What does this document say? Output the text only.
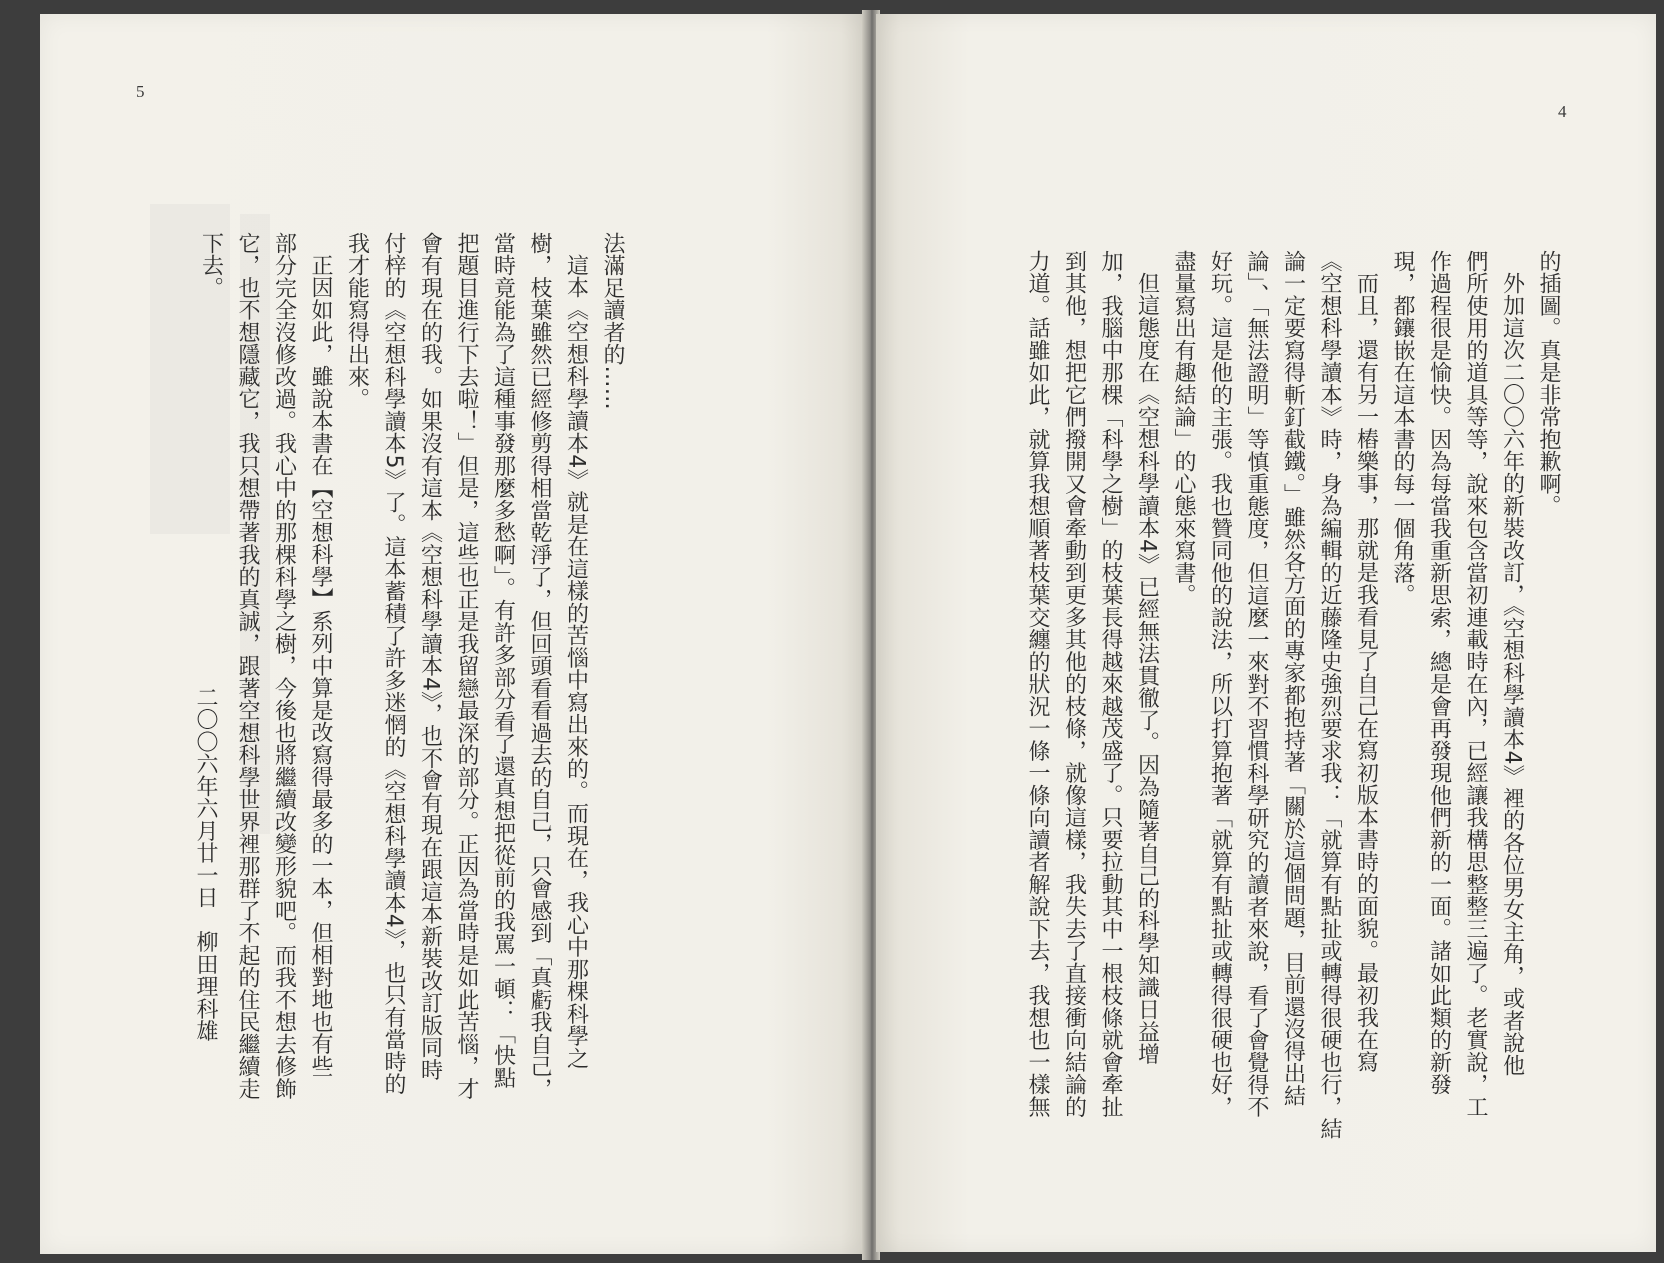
5

法滿足讀者的……

這本《空想科學讀本4》就是在這樣的苦惱中寫出來的。而現在，我心中那棵科學之

樹，枝葉雖然已經修剪得相當乾淨了，但回頭看看過去的自己，只會感到「真虧我自己，

當時竟能為了這種事發那麼多愁啊」。有許多部分看了還真想把從前的我罵一頓：「快點

把題目進行下去啦！」但是，這些也正是我留戀最深的部分。正因為當時是如此苦惱，才

會有現在的我。如果沒有這本《空想科學讀本4》，也不會有現在跟這本新裝改訂版同時

付梓的《空想科學讀本5》了。這本蓄積了許多迷惘的《空想科學讀本4》，也只有當時的

我才能寫得出來。

正因如此，雖說本書在【空想科學】系列中算是改寫得最多的一本，但相對地也有些

部分完全沒修改過。我心中的那棵科學之樹，今後也將繼續改變形貌吧。而我不想去修飾

它，也不想隱藏它，我只想帶著我的真誠，跟著空想科學世界裡那群了不起的住民繼續走

下去。

二〇〇六年六月廿一日　柳田理科雄
4

的插圖。真是非常抱歉啊。

外加這次二〇〇六年的新裝改訂，《空想科學讀本4》裡的各位男女主角，或者說他

們所使用的道具等等，說來包含當初連載時在內，已經讓我構思整整三遍了。老實說，工

作過程很是愉快。因為每當我重新思索，總是會再發現他們新的一面。諸如此類的新發

現，都鑲嵌在這本書的每一個角落。

而且，還有另一樁樂事，那就是我看見了自己在寫初版本書時的面貌。最初我在寫

《空想科學讀本》時，身為編輯的近藤隆史強烈要求我：「就算有點扯或轉得很硬也行，結

論一定要寫得斬釘截鐵。」雖然各方面的專家都抱持著「關於這個問題，目前還沒得出結

論」、「無法證明」等慎重態度，但這麼一來對不習慣科學研究的讀者來說，看了會覺得不

好玩。這是他的主張。我也贊同他的說法，所以打算抱著「就算有點扯或轉得很硬也好，

盡量寫出有趣結論」的心態來寫書。

但這態度在《空想科學讀本4》已經無法貫徹了。因為隨著自己的科學知識日益增

加，我腦中那棵「科學之樹」的枝葉長得越來越茂盛了。只要拉動其中一根枝條就會牽扯

到其他，想把它們撥開又會牽動到更多其他的枝條，就像這樣，我失去了直接衝向結論的

力道。話雖如此，就算我想順著枝葉交纏的狀況一條一條向讀者解說下去，我想也一樣無
